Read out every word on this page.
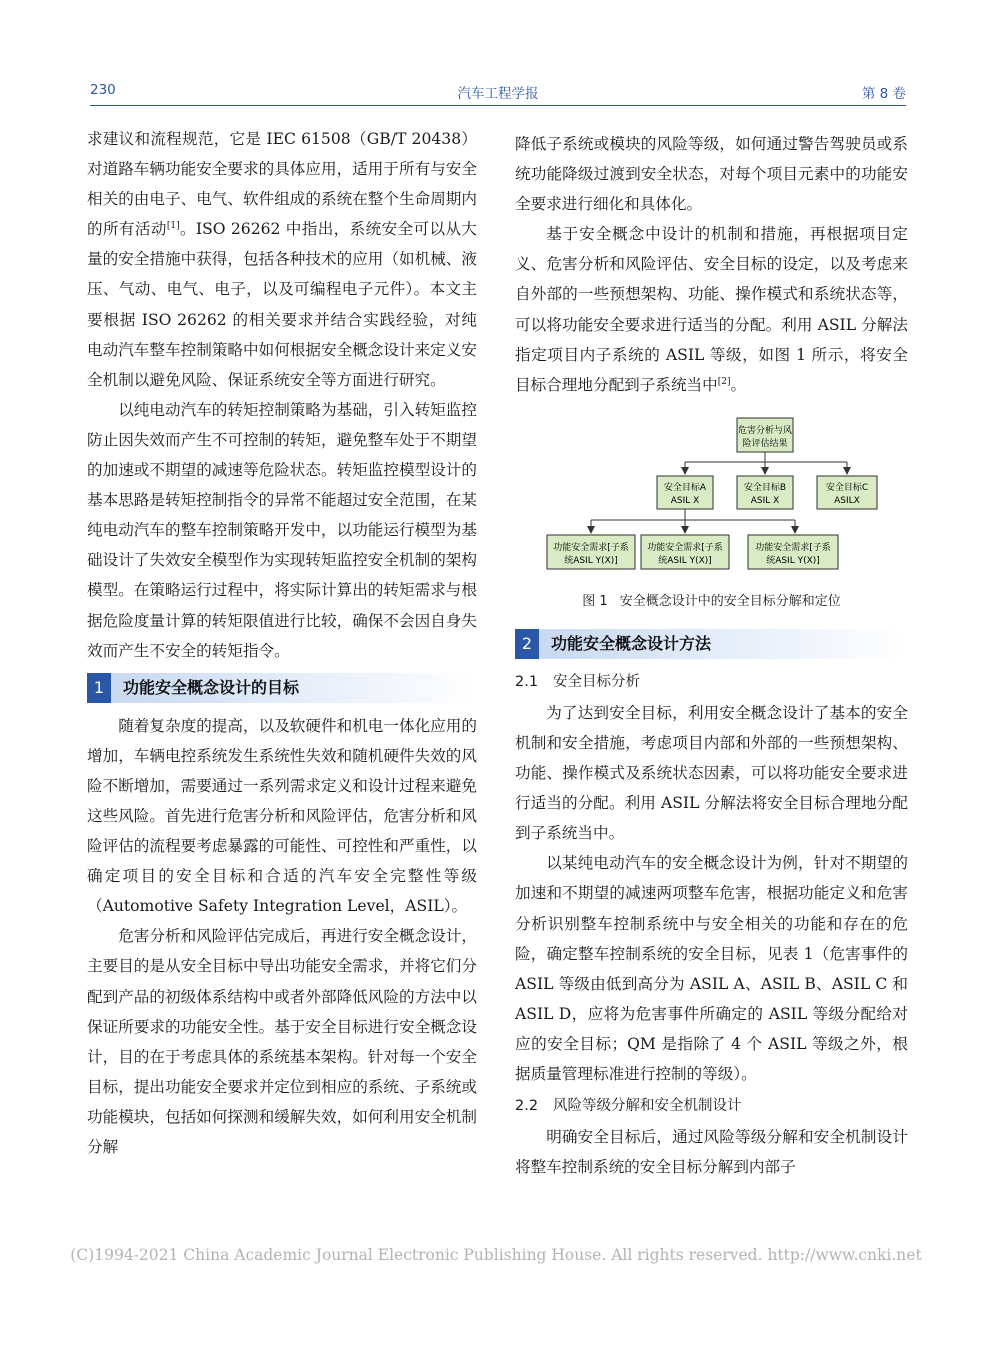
230	汽车工程学报	第 8 卷

求建议和流程规范，它是 IEC 61508（GB/T 20438）对道路车辆功能安全要求的具体应用，适用于所有与安全相关的由电子、电气、软件组成的系统在整个生命周期内的所有活动[1]。ISO 26262 中指出，系统安全可以从大量的安全措施中获得，包括各种技术的应用（如机械、液压、气动、电气、电子，以及可编程电子元件）。本文主要根据 ISO 26262 的相关要求并结合实践经验，对纯电动汽车整车控制策略中如何根据安全概念设计来定义安全机制以避免风险、保证系统安全等方面进行研究。

以纯电动汽车的转矩控制策略为基础，引入转矩监控防止因失效而产生不可控制的转矩，避免整车处于不期望的加速或不期望的减速等危险状态。转矩监控模型设计的基本思路是转矩控制指令的异常不能超过安全范围，在某纯电动汽车的整车控制策略开发中，以功能运行模型为基础设计了失效安全模型作为实现转矩监控安全机制的架构模型。在策略运行过程中，将实际计算出的转矩需求与根据危险度量计算的转矩限值进行比较，确保不会因自身失效而产生不安全的转矩指令。

1	功能安全概念设计的目标

随着复杂度的提高，以及软硬件和机电一体化应用的增加，车辆电控系统发生系统性失效和随机硬件失效的风险不断增加，需要通过一系列需求定义和设计过程来避免这些风险。首先进行危害分析和风险评估，危害分析和风险评估的流程要考虑暴露的可能性、可控性和严重性，以确定项目的安全目标和合适的汽车安全完整性等级（Automotive Safety Integration Level，ASIL）。

危害分析和风险评估完成后，再进行安全概念设计，主要目的是从安全目标中导出功能安全需求，并将它们分配到产品的初级体系结构中或者外部降低风险的方法中以保证所要求的功能安全性。基于安全目标进行安全概念设计，目的在于考虑具体的系统基本架构。针对每一个安全目标，提出功能安全要求并定位到相应的系统、子系统或功能模块，包括如何探测和缓解失效，如何利用安全机制分解

降低子系统或模块的风险等级，如何通过警告驾驶员或系统功能降级过渡到安全状态，对每个项目元素中的功能安全要求进行细化和具体化。

基于安全概念中设计的机制和措施，再根据项目定义、危害分析和风险评估、安全目标的设定，以及考虑来自外部的一些预想架构、功能、操作模式和系统状态等，可以将功能安全要求进行适当的分配。利用 ASIL 分解法指定项目内子系统的 ASIL 等级，如图 1 所示，将安全目标合理地分配到子系统当中[2]。

危害分析与风
险评估结果
安全目标A
ASIL X
安全目标B
ASIL X
安全目标C
ASILX
功能安全需求[子系
统ASIL Y(X)]
功能安全需求[子系
统ASIL Y(X)]
功能安全需求[子系
统ASIL Y(X)]
图 1 安全概念设计中的安全目标分解和定位
2	功能安全概念设计方法
2.1 安全目标分析

为了达到安全目标，利用安全概念设计了基本的安全机制和安全措施，考虑项目内部和外部的一些预想架构、功能、操作模式及系统状态因素，可以将功能安全要求进行适当的分配。利用 ASIL 分解法将安全目标合理地分配到子系统当中。

以某纯电动汽车的安全概念设计为例，针对不期望的加速和不期望的减速两项整车危害，根据功能定义和危害分析识别整车控制系统中与安全相关的功能和存在的危险，确定整车控制系统的安全目标，见表 1（危害事件的 ASIL 等级由低到高分为 ASIL A、ASIL B、ASIL C 和 ASIL D，应将为危害事件所确定的 ASIL 等级分配给对应的安全目标；QM 是指除了 4 个 ASIL 等级之外，根据质量管理标准进行控制的等级）。

2.2 风险等级分解和安全机制设计

明确安全目标后，通过风险等级分解和安全机制设计将整车控制系统的安全目标分解到内部子

(C)1994-2021 China Academic Journal Electronic Publishing House. All rights reserved. http://www.cnki.net
